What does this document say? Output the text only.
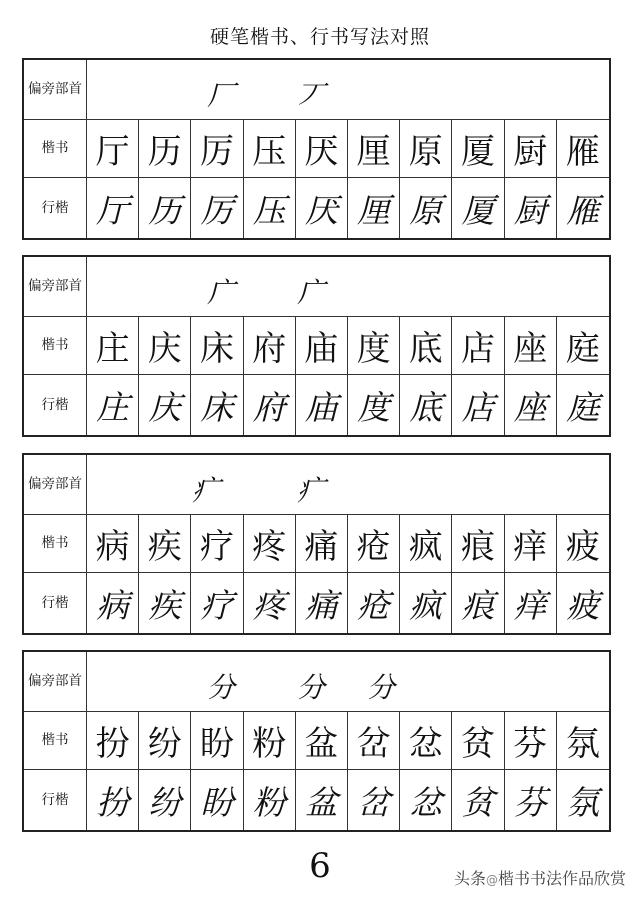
硬笔楷书、行书写法对照
偏旁 部首	厂 丆
楷书 厅 历 厉 压 厌 厘 原 厦 厨 雁
行楷 厅 历 厉 压 厌 厘 原 厦 厨 雁
偏旁 部首	广 广
楷书 庄 庆 床 府 庙 度 底 店 座 庭
行楷 庄 庆 床 府 庙 度 底 店 座 庭
偏旁 部首	疒	疒
楷书 病 疾 疗 疼 痛 疮 疯 痕 痒 疲
行楷 病 疾 疗 疼 痛 疮 疯 痕 痒 疲
偏旁 部首	分 分 分
楷书 扮 纷 盼 粉 盆 岔 忿 贫 芬 氛
行楷 扮 纷 盼 粉 盆 岔 忿 贫 芬 氛
6	头条@楷书书法作品欣赏
